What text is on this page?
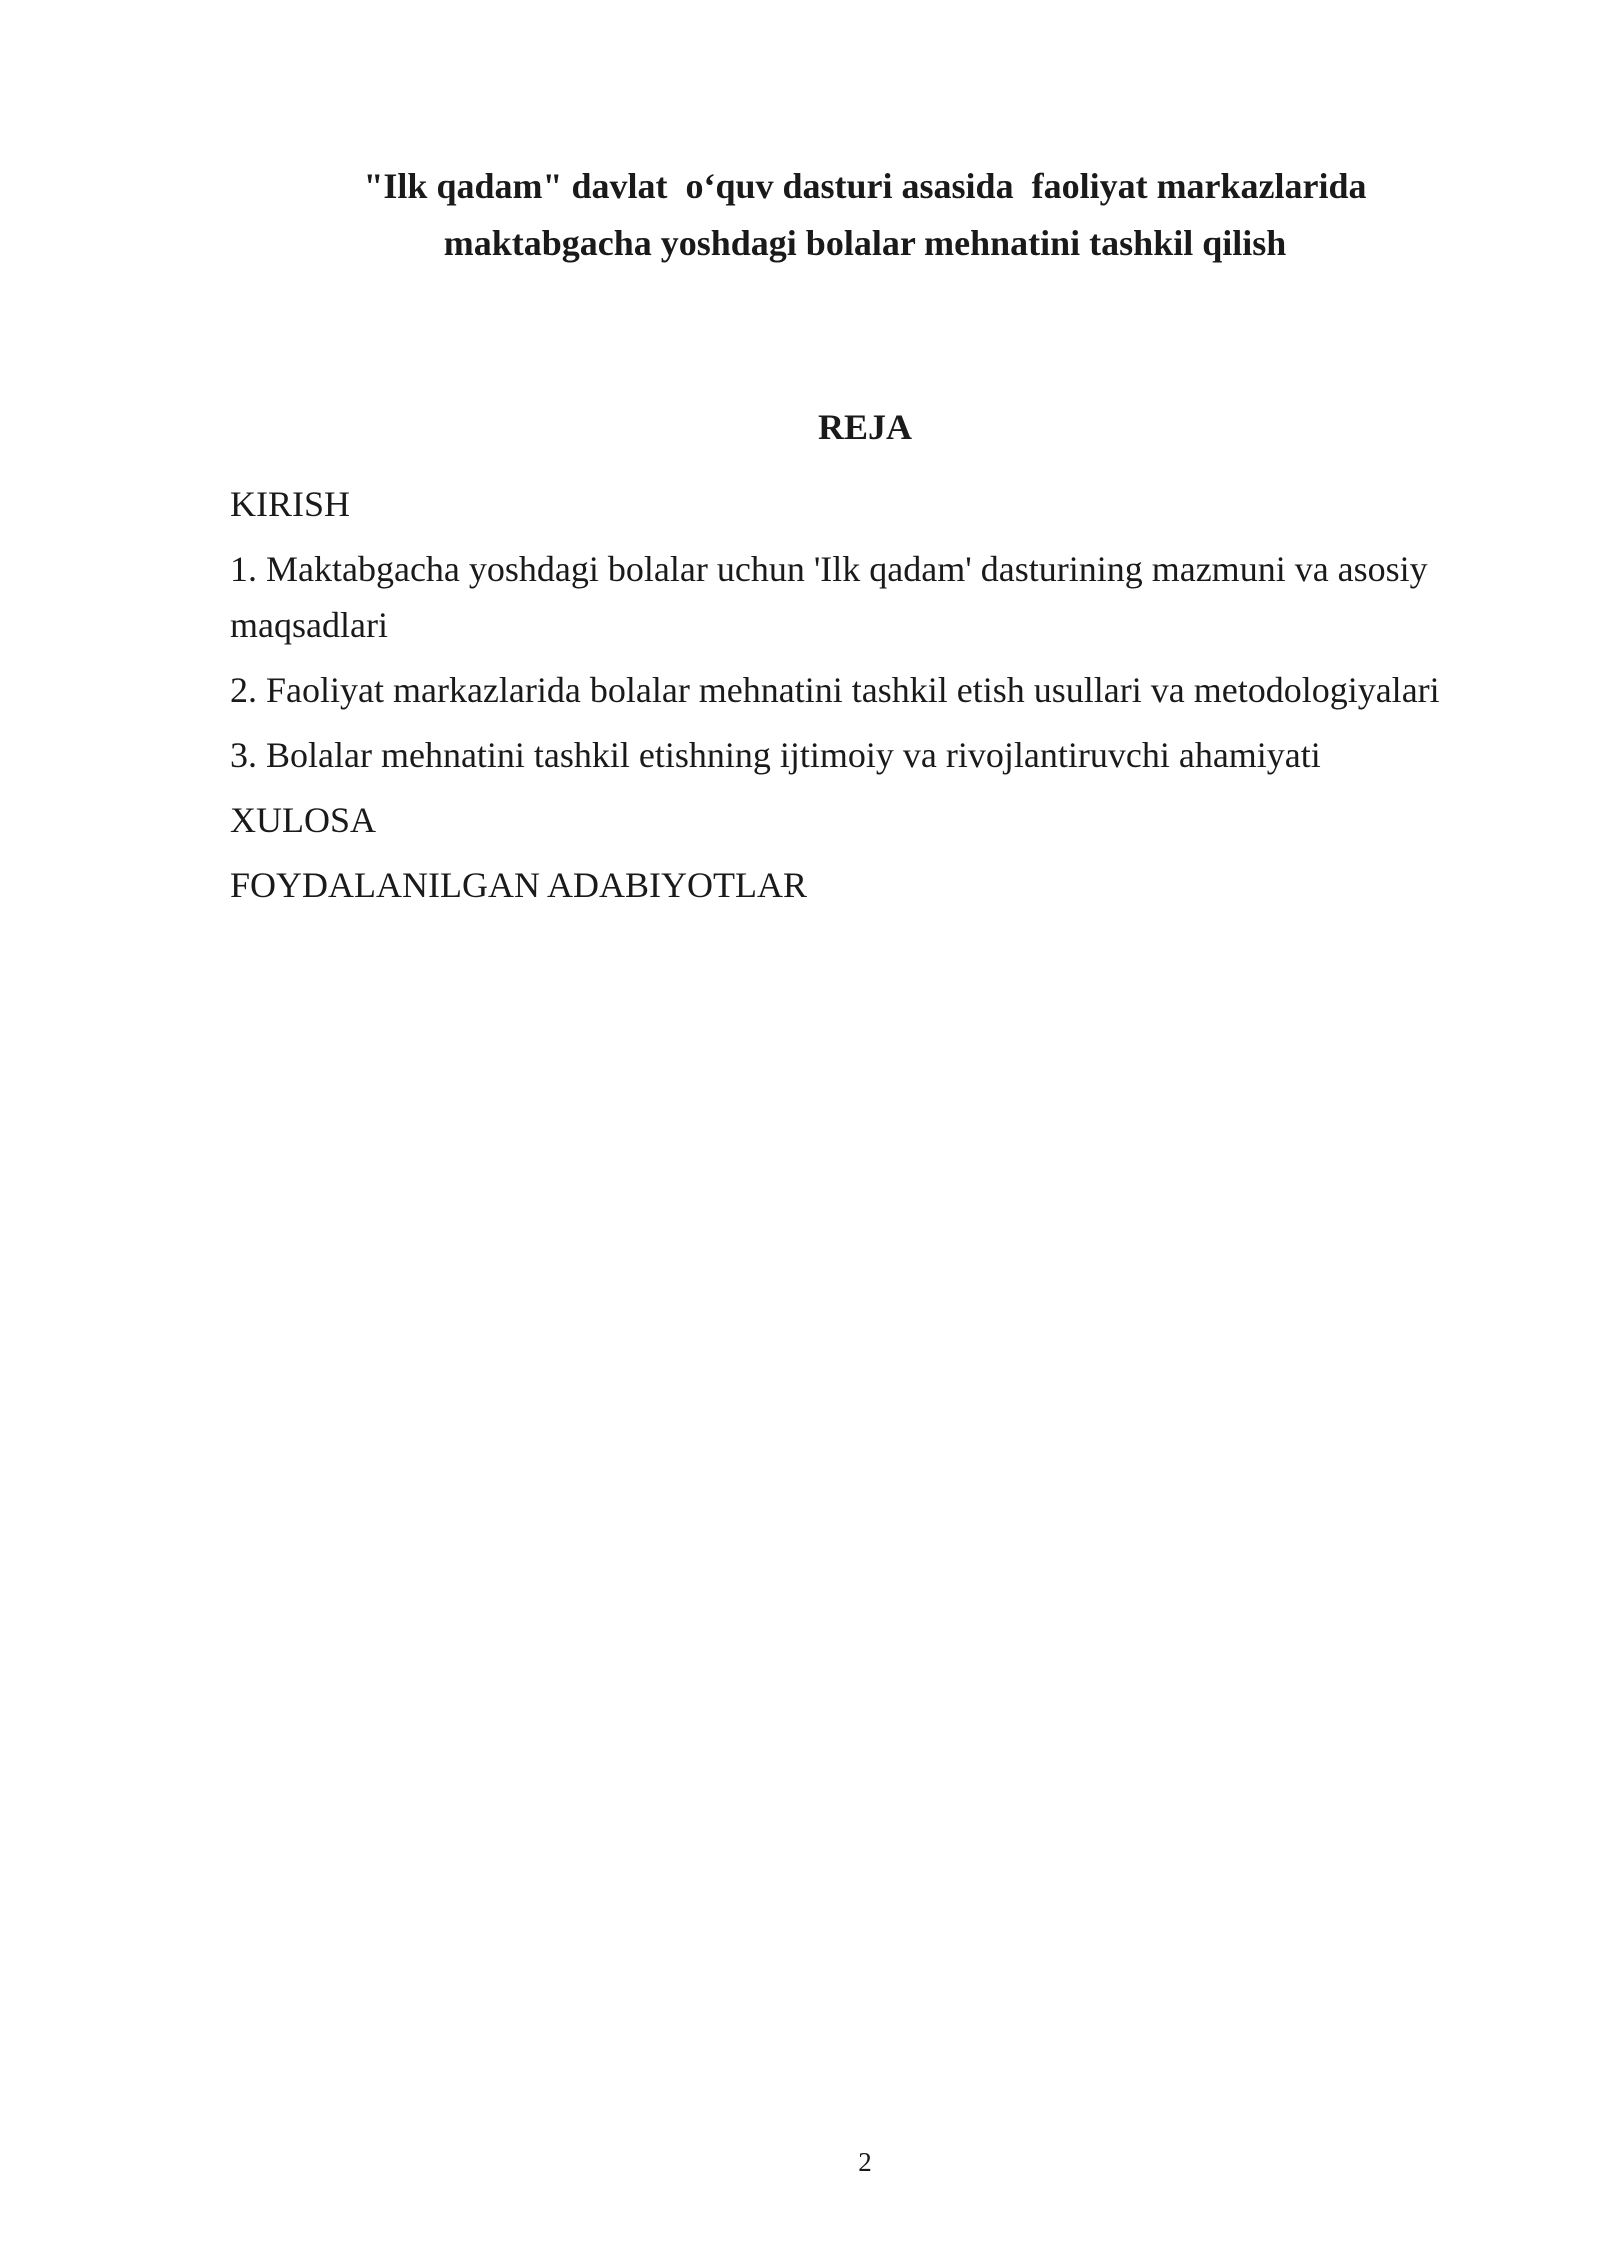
"Ilk qadam" davlat  o‘quv dasturi asasida  faoliyat markazlarida
maktabgacha yoshdagi bolalar mehnatini tashkil qilish
REJA
KIRISH
1. Maktabgacha yoshdagi bolalar uchun 'Ilk qadam' dasturining mazmuni va asosiy maqsadlari
2. Faoliyat markazlarida bolalar mehnatini tashkil etish usullari va metodologiyalari
3. Bolalar mehnatini tashkil etishning ijtimoiy va rivojlantiruvchi ahamiyati
XULOSA
FOYDALANILGAN ADABIYOTLAR
2
